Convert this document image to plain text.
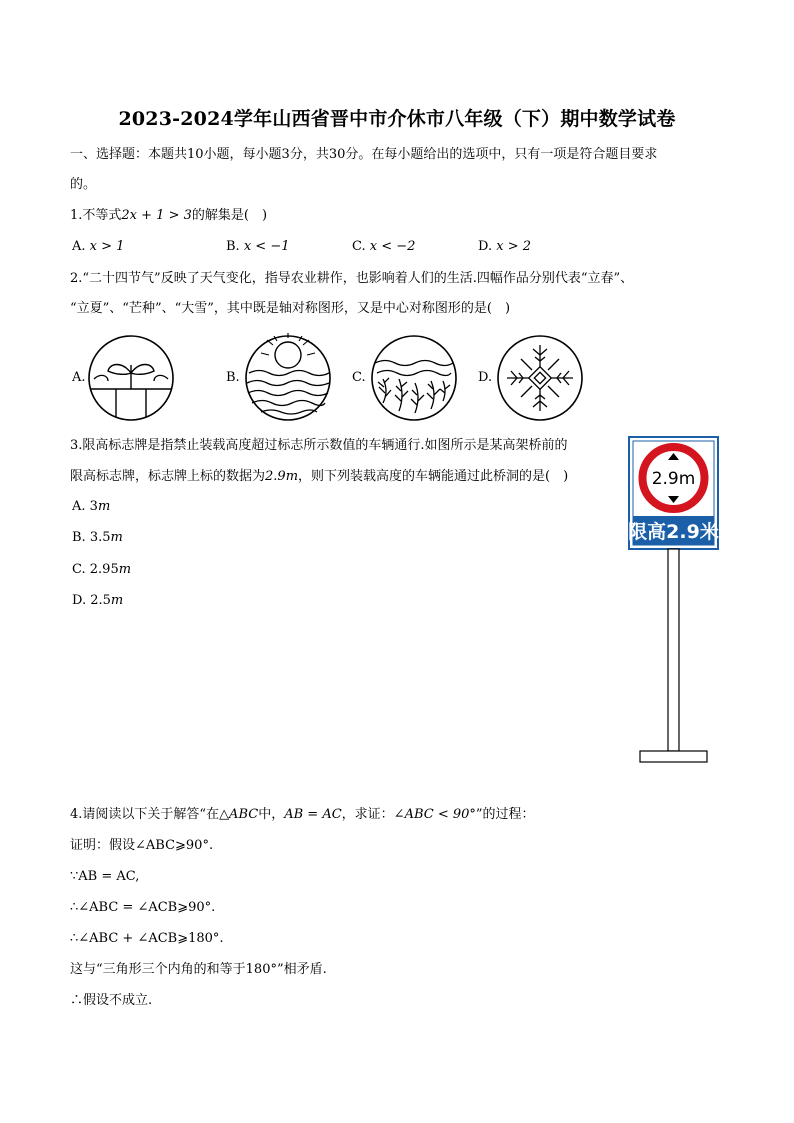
2023-2024学年山西省晋中市介休市八年级（下）期中数学试卷
一、选择题：本题共10小题，每小题3分，共30分。在每小题给出的选项中，只有一项是符合题目要求
的。
1.不等式2x + 1 > 3的解集是(　)
A. x > 1	B. x < −1	C. x < −2	D. x > 2
2.“二十四节气”反映了天气变化，指导农业耕作，也影响着人们的生活.四幅作品分别代表“立春”、
“立夏”、“芒种”、“大雪”，其中既是轴对称图形，又是中心对称图形的是(　)
A.	B.	C.	D.
3.限高标志牌是指禁止装载高度超过标志所示数值的车辆通行.如图所示是某高架桥前的
限高标志牌，标志牌上标的数据为2.9m，则下列装载高度的车辆能通过此桥洞的是(　)
A. 3m
B. 3.5m
C. 2.95m
D. 2.5m
2.9m
限高2.9米
4.请阅读以下关于解答“在△ABC中，AB = AC，求证：∠ABC < 90°”的过程：
证明：假设∠ABC⩾90°.
∵AB = AC,
∴∠ABC = ∠ACB⩾90°.
∴∠ABC + ∠ACB⩾180°.
这与“三角形三个内角的和等于180°”相矛盾.
∴假设不成立.
